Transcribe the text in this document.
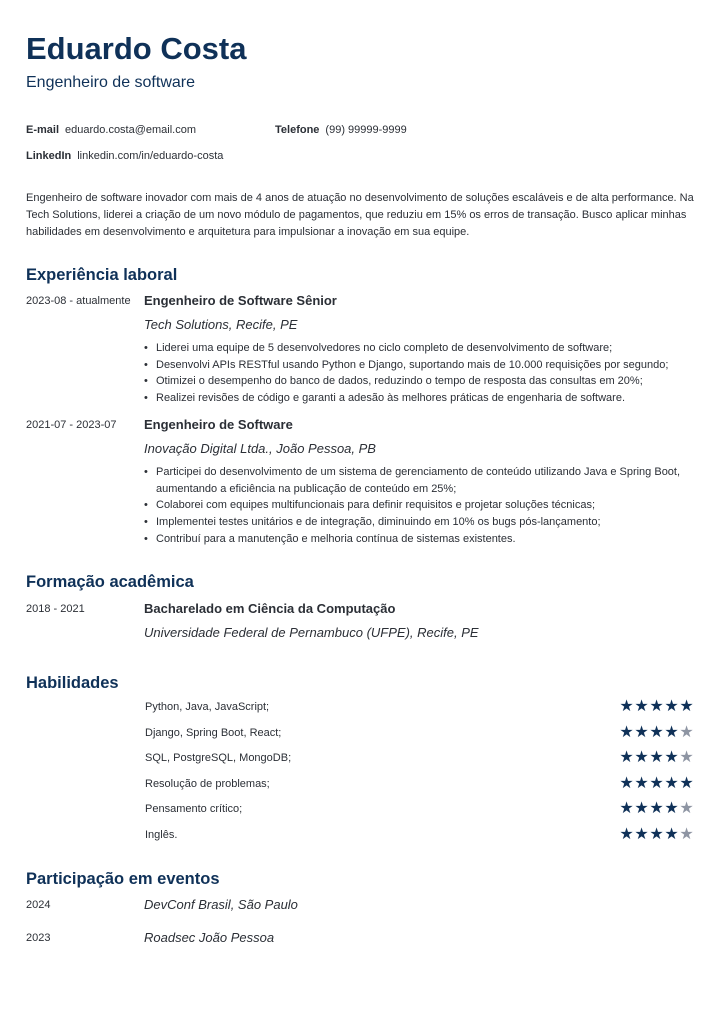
Eduardo Costa
Engenheiro de software
E-mail eduardo.costa@email.com	Telefone (99) 99999-9999
LinkedIn linkedin.com/in/eduardo-costa
Engenheiro de software inovador com mais de 4 anos de atuação no desenvolvimento de soluções escaláveis e de alta performance. Na Tech Solutions, liderei a criação de um novo módulo de pagamentos, que reduziu em 15% os erros de transação. Busco aplicar minhas habilidades em desenvolvimento e arquitetura para impulsionar a inovação em sua equipe.
Experiência laboral
2023-08 - atualmente Engenheiro de Software Sênior
Tech Solutions, Recife, PE
• Liderei uma equipe de 5 desenvolvedores no ciclo completo de desenvolvimento de software;
• Desenvolvi APIs RESTful usando Python e Django, suportando mais de 10.000 requisições por segundo;
• Otimizei o desempenho do banco de dados, reduzindo o tempo de resposta das consultas em 20%;
• Realizei revisões de código e garanti a adesão às melhores práticas de engenharia de software.
2021-07 - 2023-07 Engenheiro de Software
Inovação Digital Ltda., João Pessoa, PB
• Participei do desenvolvimento de um sistema de gerenciamento de conteúdo utilizando Java e Spring Boot, aumentando a eficiência na publicação de conteúdo em 25%;
• Colaborei com equipes multifuncionais para definir requisitos e projetar soluções técnicas;
• Implementei testes unitários e de integração, diminuindo em 10% os bugs pós-lançamento;
• Contribuí para a manutenção e melhoria contínua de sistemas existentes.
Formação acadêmica
2018 - 2021	Bacharelado em Ciência da Computação
Universidade Federal de Pernambuco (UFPE), Recife, PE
Habilidades
Python, Java, JavaScript;	★★★★★
Django, Spring Boot, React;	★★★★★
SQL, PostgreSQL, MongoDB;	★★★★★
Resolução de problemas;	★★★★★
Pensamento crítico;	★★★★★
Inglês.	★★★★★
Participação em eventos
2024	DevConf Brasil, São Paulo
2023	Roadsec João Pessoa
